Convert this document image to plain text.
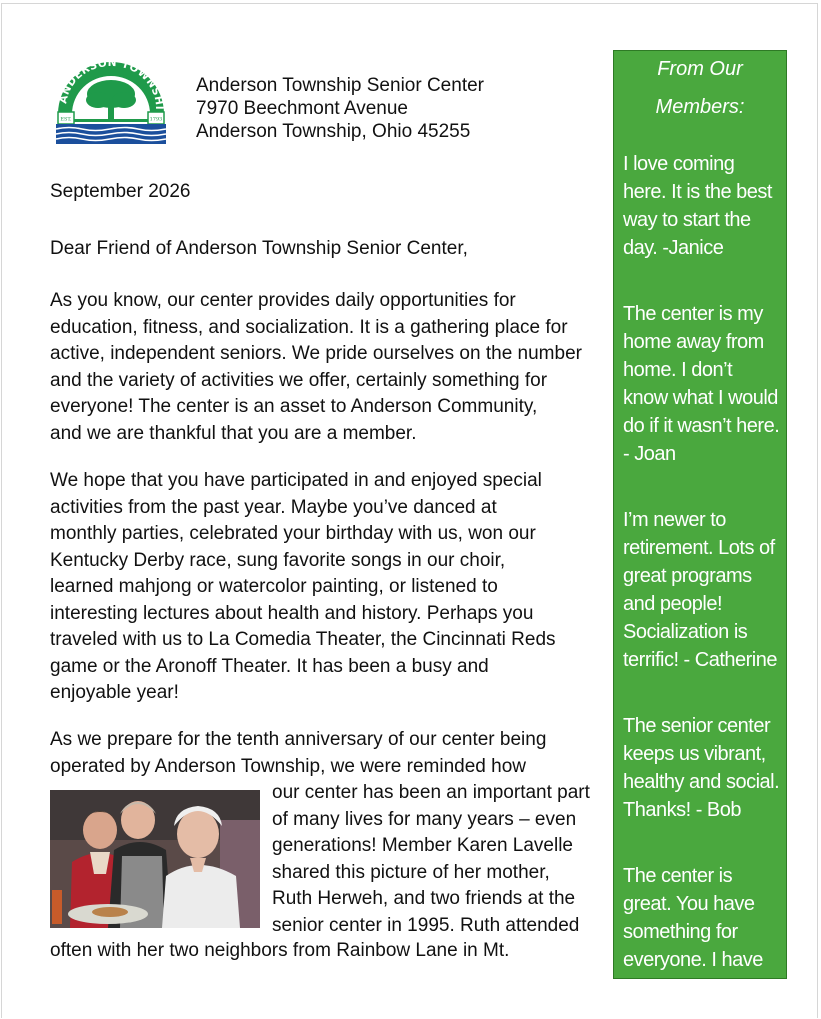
ANDERSON TOWNSHI
EST.	1793
Anderson Township Senior Center
7970 Beechmont Avenue
Anderson Township, Ohio 45255
September 2026
Dear Friend of Anderson Township Senior Center,
As you know, our center provides daily opportunities for
education, fitness, and socialization. It is a gathering place for
active, independent seniors. We pride ourselves on the number
and the variety of activities we offer, certainly something for
everyone! The center is an asset to Anderson Community,
and we are thankful that you are a member.
We hope that you have participated in and enjoyed special
activities from the past year. Maybe you’ve danced at
monthly parties, celebrated your birthday with us, won our
Kentucky Derby race, sung favorite songs in our choir,
learned mahjong or watercolor painting, or listened to
interesting lectures about health and history. Perhaps you
traveled with us to La Comedia Theater, the Cincinnati Reds
game or the Aronoff Theater. It has been a busy and
enjoyable year!
As we prepare for the tenth anniversary of our center being
operated by Anderson Township, we were reminded how
our center has been an important part
of many lives for many years – even
generations! Member Karen Lavelle
shared this picture of her mother,
Ruth Herweh, and two friends at the
senior center in 1995. Ruth attended
often with her two neighbors from Rainbow Lane in Mt.
From Our
Members:
I love coming
here. It is the best
way to start the
day. -Janice
The center is my
home away from
home. I don’t
know what I would
do if it wasn’t here.
- Joan
I’m newer to
retirement. Lots of
great programs
and people!
Socialization is
terrific! - Catherine
The senior center
keeps us vibrant,
healthy and social.
Thanks! - Bob
The center is
great. You have
something for
everyone. I have
become a
